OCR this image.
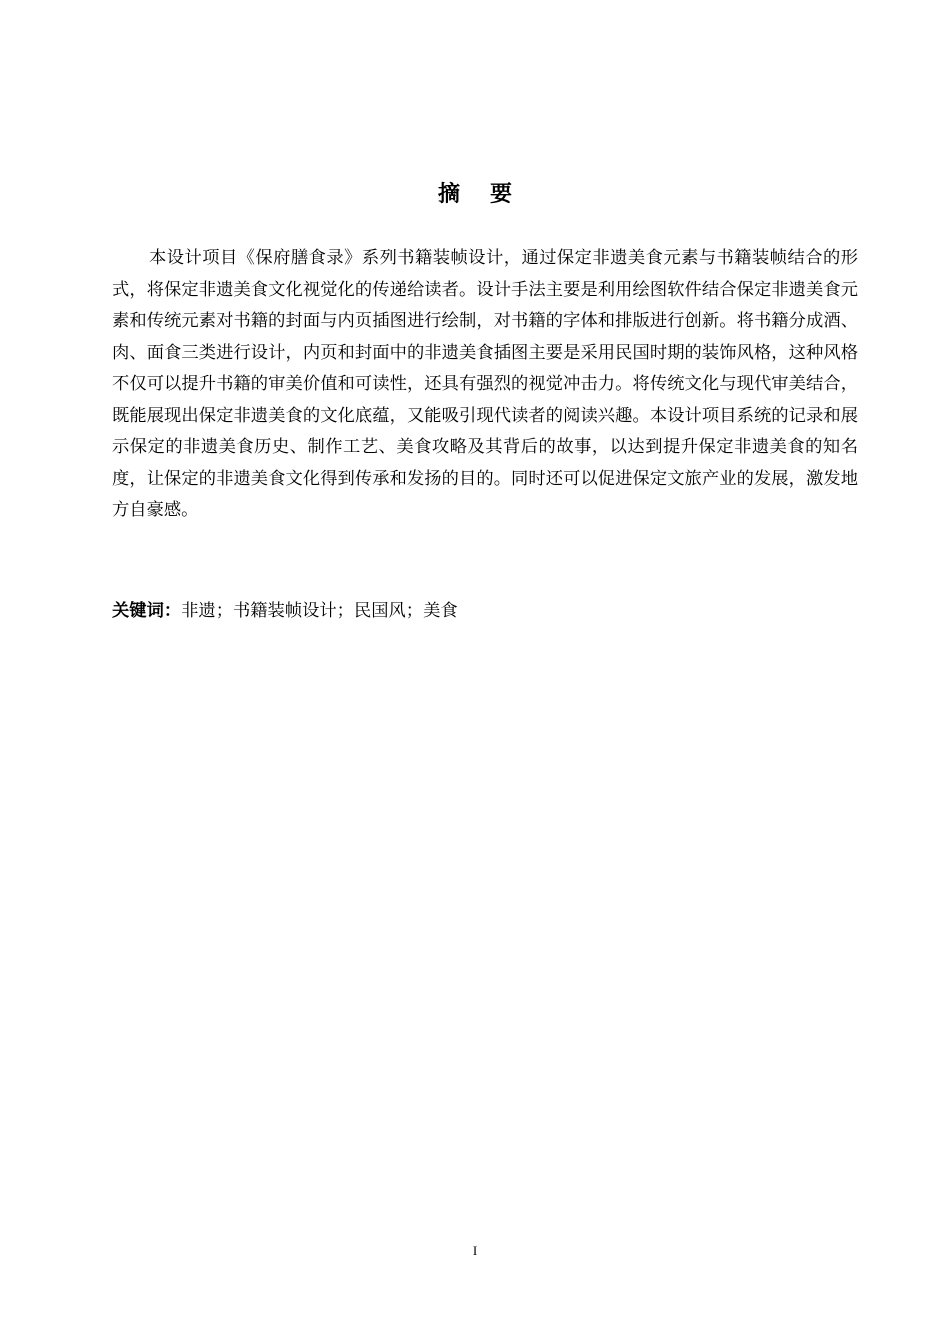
摘要

本设计项目《保府膳食录》系列书籍装帧设计，通过保定非遗美食元素与书籍装帧结合的形式，将保定非遗美食文化视觉化的传递给读者。设计手法主要是利用绘图软件结合保定非遗美食元素和传统元素对书籍的封面与内页插图进行绘制，对书籍的字体和排版进行创新。将书籍分成酒、肉、面食三类进行设计，内页和封面中的非遗美食插图主要是采用民国时期的装饰风格，这种风格不仅可以提升书籍的审美价值和可读性，还具有强烈的视觉冲击力。将传统文化与现代审美结合，既能展现出保定非遗美食的文化底蕴，又能吸引现代读者的阅读兴趣。本设计项目系统的记录和展示保定的非遗美食历史、制作工艺、美食攻略及其背后的故事，以达到提升保定非遗美食的知名度，让保定的非遗美食文化得到传承和发扬的目的。同时还可以促进保定文旅产业的发展，激发地方自豪感。

关键词：非遗；书籍装帧设计；民国风；美食

I
